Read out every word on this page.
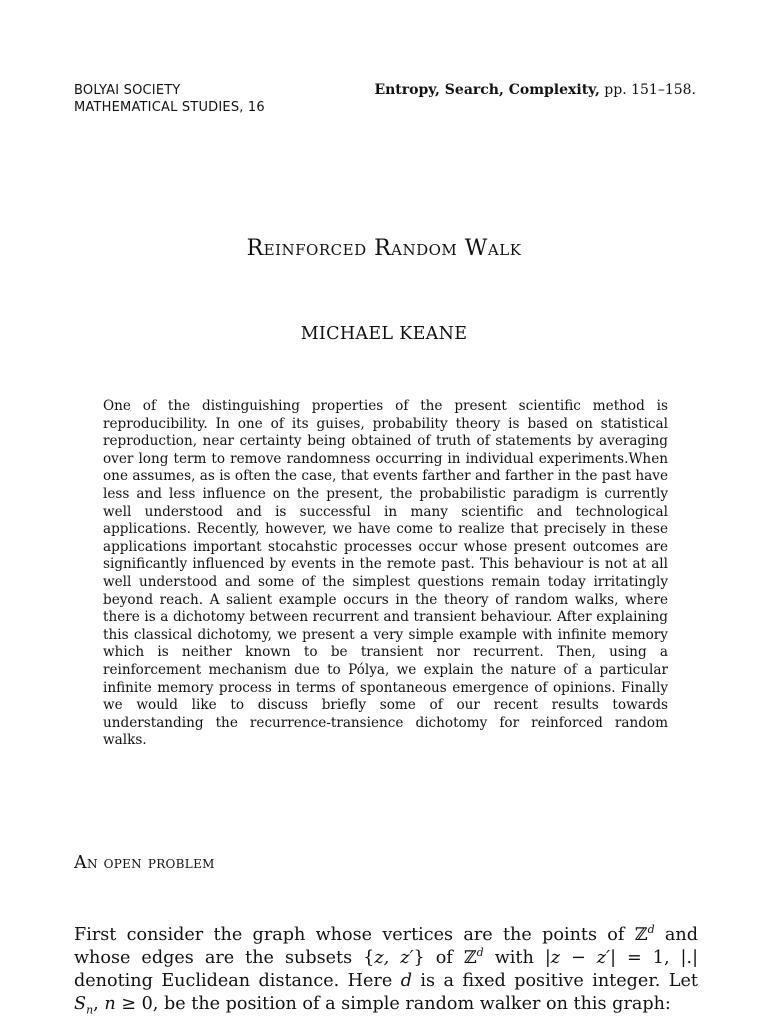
BOLYAI SOCIETY
MATHEMATICAL STUDIES, 16
Entropy, Search, Complexity, pp. 151–158.
Reinforced Random Walk
MICHAEL KEANE
One of the distinguishing properties of the present scientific method is reproducibility. In one of its guises, probability theory is based on statistical reproduction, near certainty being obtained of truth of statements by averaging over long term to remove randomness occurring in individual experiments.When one assumes, as is often the case, that events farther and farther in the past have less and less influence on the present, the probabilistic paradigm is currently well understood and is successful in many scientific and technological applications. Recently, however, we have come to realize that precisely in these applications important stocahstic processes occur whose present outcomes are significantly influenced by events in the remote past. This behaviour is not at all well understood and some of the simplest questions remain today irritatingly beyond reach. A salient example occurs in the theory of random walks, where there is a dichotomy between recurrent and transient behaviour. After explaining this classical dichotomy, we present a very simple example with infinite memory which is neither known to be transient nor recurrent. Then, using a reinforcement mechanism due to Pólya, we explain the nature of a particular infinite memory process in terms of spontaneous emergence of opinions. Finally we would like to discuss briefly some of our recent results towards understanding the recurrence-transience dichotomy for reinforced random walks.
An open problem
First consider the graph whose vertices are the points of ℤ$^d$ and whose edges are the subsets {z, z′} of ℤ$^d$ with |z − z′| = 1, |.| denoting Euclidean distance. Here d is a fixed positive integer. Let $S_n$, n ≥ 0, be the position of a simple random walker on this graph:
